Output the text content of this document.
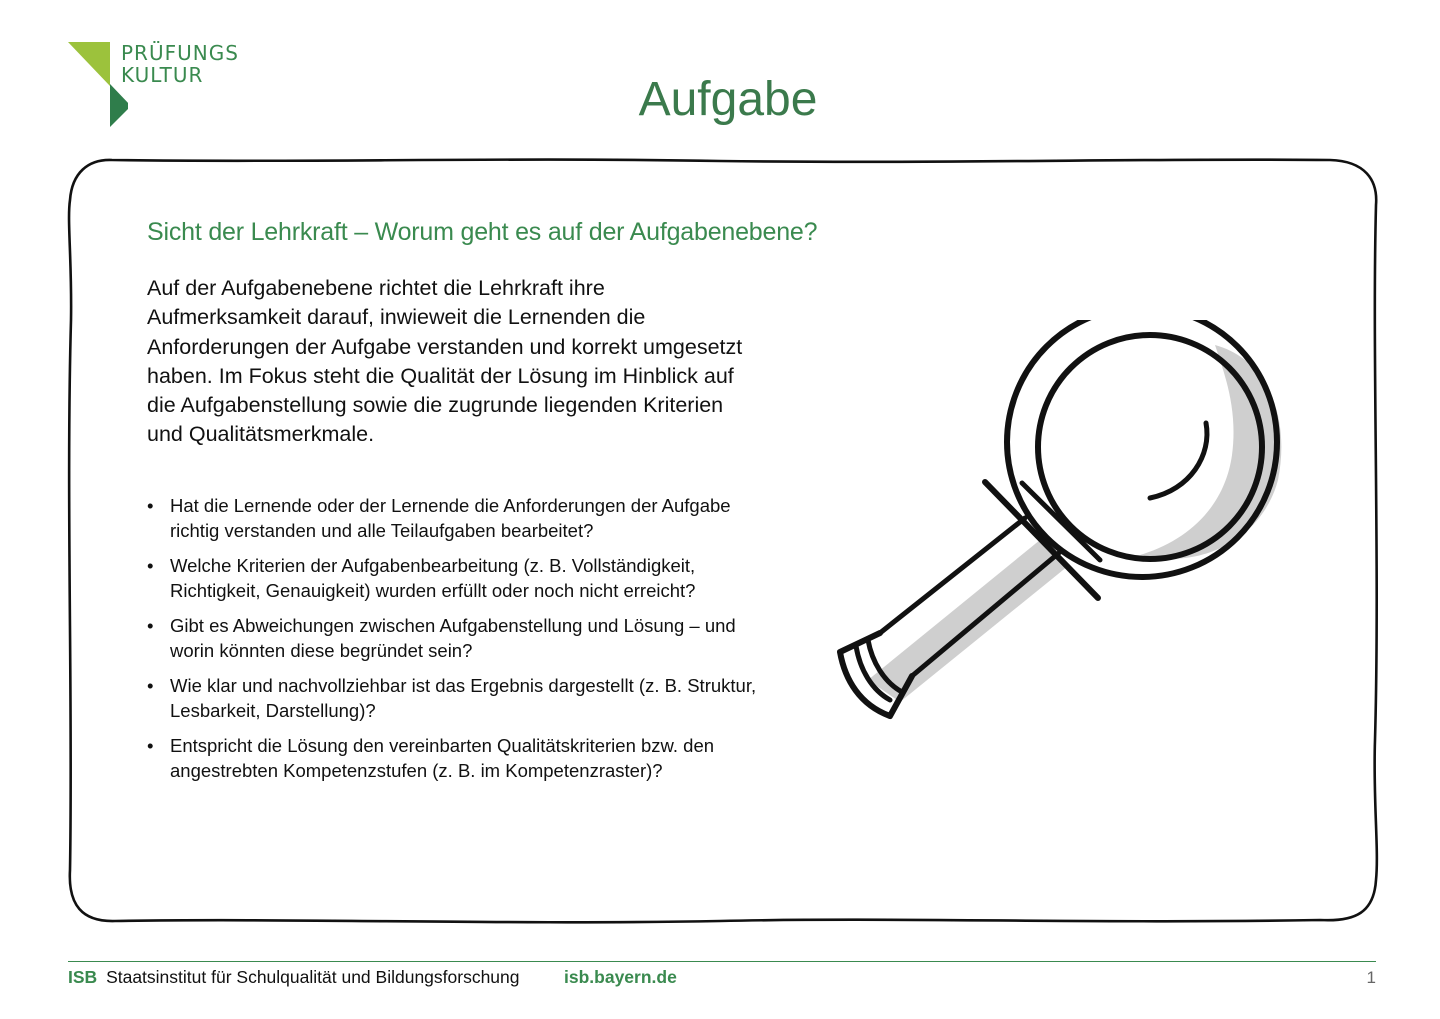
PRÜFUNGS
KULTUR	Aufgabe
Sicht der Lehrkraft – Worum geht es auf der Aufgabenebene?

Auf der Aufgabenebene richtet die Lehrkraft ihre Aufmerksamkeit darauf, inwieweit die Lernenden die Anforderungen der Aufgabe verstanden und korrekt umgesetzt haben. Im Fokus steht die Qualität der Lösung im Hinblick auf die Aufgabenstellung sowie die zugrunde liegenden Kriterien und Qualitätsmerkmale.

• Hat die Lernende oder der Lernende die Anforderungen der Aufgabe richtig verstanden und alle Teilaufgaben bearbeitet?
• Welche Kriterien der Aufgabenbearbeitung (z. B. Vollständigkeit, Richtigkeit, Genauigkeit) wurden erfüllt oder noch nicht erreicht?
• Gibt es Abweichungen zwischen Aufgabenstellung und Lösung – und worin könnten diese begründet sein?
• Wie klar und nachvollziehbar ist das Ergebnis dargestellt (z. B. Struktur, Lesbarkeit, Darstellung)?
• Entspricht die Lösung den vereinbarten Qualitätskriterien bzw. den angestrebten Kompetenzstufen (z. B. im Kompetenzraster)?
ISB Staatsinstitut für Schulqualität und Bildungsforschung	isb.bayern.de	1
